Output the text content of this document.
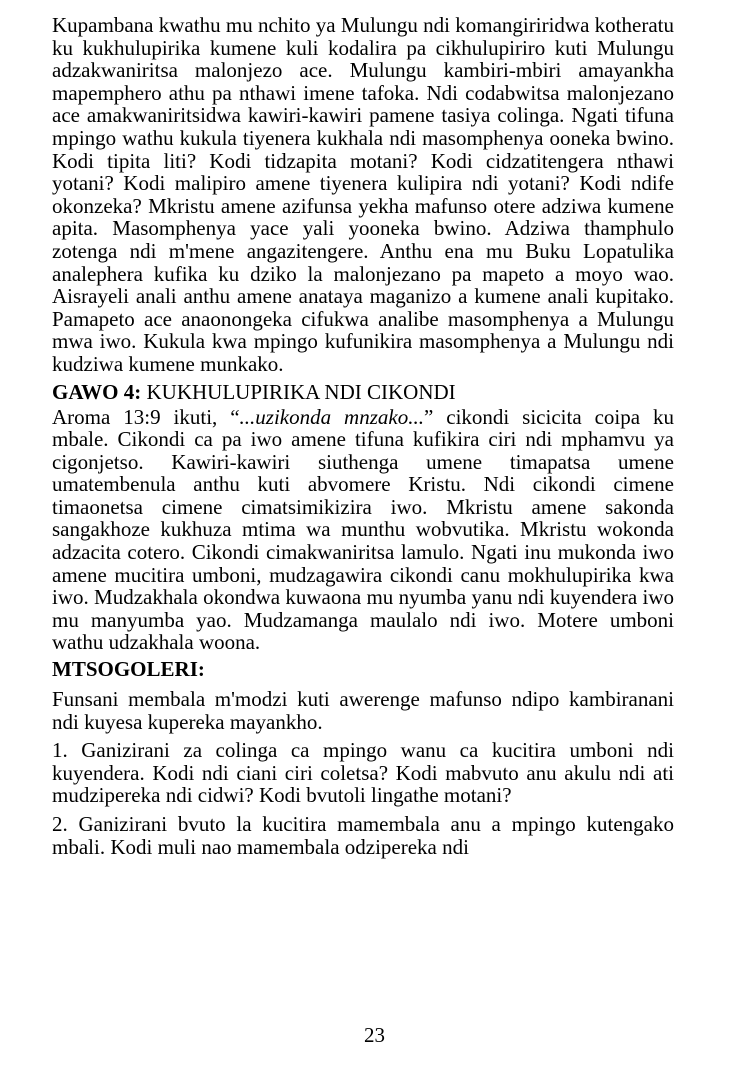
Kupambana kwathu mu nchito ya Mulungu ndi komangiriridwa kotheratu ku kukhulupirika kumene kuli kodalira pa cikhulupiriro kuti Mulungu adzakwaniritsa malonjezo ace. Mulungu kambiri-mbiri amayankha mapemphero athu pa nthawi imene tafoka. Ndi codabwitsa malonjezano ace amakwaniritsidwa kawiri-kawiri pamene tasiya colinga. Ngati tifuna mpingo wathu kukula tiyenera kukhala ndi masomphenya ooneka bwino. Kodi tipita liti? Kodi tidzapita motani? Kodi cidzatitengera nthawi yotani? Kodi malipiro amene tiyenera kulipira ndi yotani? Kodi ndife okonzeka? Mkristu amene azifunsa yekha mafunso otere adziwa kumene apita. Masomphenya yace yali yooneka bwino. Adziwa thamphulo zotenga ndi m'mene angazitengere. Anthu ena mu Buku Lopatulika analephera kufika ku dziko la malonjezano pa mapeto a moyo wao. Aisrayeli anali anthu amene anataya maganizo a kumene anali kupitako. Pamapeto ace anaonongeka cifukwa analibe masomphenya a Mulungu mwa iwo. Kukula kwa mpingo kufunikira masomphenya a Mulungu ndi kudziwa kumene munkako.

GAWO 4: KUKHULUPIRIKA NDI CIKONDI

Aroma 13:9 ikuti, “...uzikonda mnzako...” cikondi sicicita coipa ku mbale. Cikondi ca pa iwo amene tifuna kufikira ciri ndi mphamvu ya cigonjetso. Kawiri-kawiri siuthenga umene timapatsa umene umatembenula anthu kuti abvomere Kristu. Ndi cikondi cimene timaonetsa cimene cimatsimikizira iwo. Mkristu amene sakonda sangakhoze kukhuza mtima wa munthu wobvutika. Mkristu wokonda adzacita cotero. Cikondi cimakwaniritsa lamulo. Ngati inu mukonda iwo amene mucitira umboni, mudzagawira cikondi canu mokhulupirika kwa iwo. Mudzakhala okondwa kuwaona mu nyumba yanu ndi kuyendera iwo mu manyumba yao. Mudzamanga maulalo ndi iwo. Motere umboni wathu udzakhala woona.

MTSOGOLERI:

Funsani membala m'modzi kuti awerenge mafunso ndipo kambiranani ndi kuyesa kupereka mayankho.

1. Ganizirani za colinga ca mpingo wanu ca kucitira umboni ndi kuyendera. Kodi ndi ciani ciri coletsa? Kodi mabvuto anu akulu ndi ati mudzipereka ndi cidwi? Kodi bvutoli lingathe motani?

2. Ganizirani bvuto la kucitira mamembala anu a mpingo kutengako mbali. Kodi muli nao mamembala odzipereka ndi

23
